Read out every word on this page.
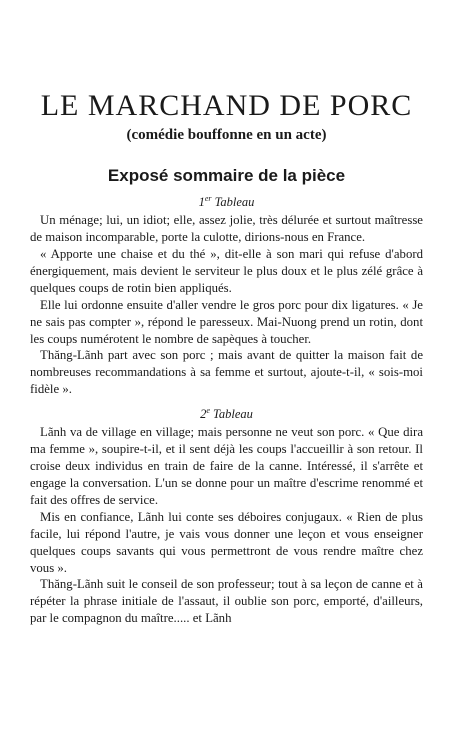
LE MARCHAND DE PORC
(comédie bouffonne en un acte)
Exposé sommaire de la pièce
1er Tableau

Un ménage; lui, un idiot; elle, assez jolie, très délurée et surtout maîtresse de maison incomparable, porte la culotte, dirions-nous en France.

« Apporte une chaise et du thé », dit-elle à son mari qui refuse d'abord énergiquement, mais devient le serviteur le plus doux et le plus zélé grâce à quelques coups de rotin bien appliqués.

Elle lui ordonne ensuite d'aller vendre le gros porc pour dix ligatures. « Je ne sais pas compter », répond le paresseux. Mai-Nuong prend un rotin, dont les coups numérotent le nombre de sapèques à toucher.

Thăng-Lãnh part avec son porc ; mais avant de quitter la maison fait de nombreuses recommandations à sa femme et surtout, ajoute-t-il, « sois-moi fidèle ».

2e Tableau

Lãnh va de village en village; mais personne ne veut son porc. « Que dira ma femme », soupire-t-il, et il sent déjà les coups l'accueillir à son retour. Il croise deux individus en train de faire de la canne. Intéressé, il s'arrête et engage la conversation. L'un se donne pour un maître d'escrime renommé et fait des offres de service.

Mis en confiance, Lãnh lui conte ses déboires conjugaux. « Rien de plus facile, lui répond l'autre, je vais vous donner une leçon et vous enseigner quelques coups savants qui vous permettront de vous rendre maître chez vous ».

Thăng-Lãnh suit le conseil de son professeur; tout à sa leçon de canne et à répéter la phrase initiale de l'assaut, il oublie son porc, emporté, d'ailleurs, par le compagnon du maître..... et Lãnh
